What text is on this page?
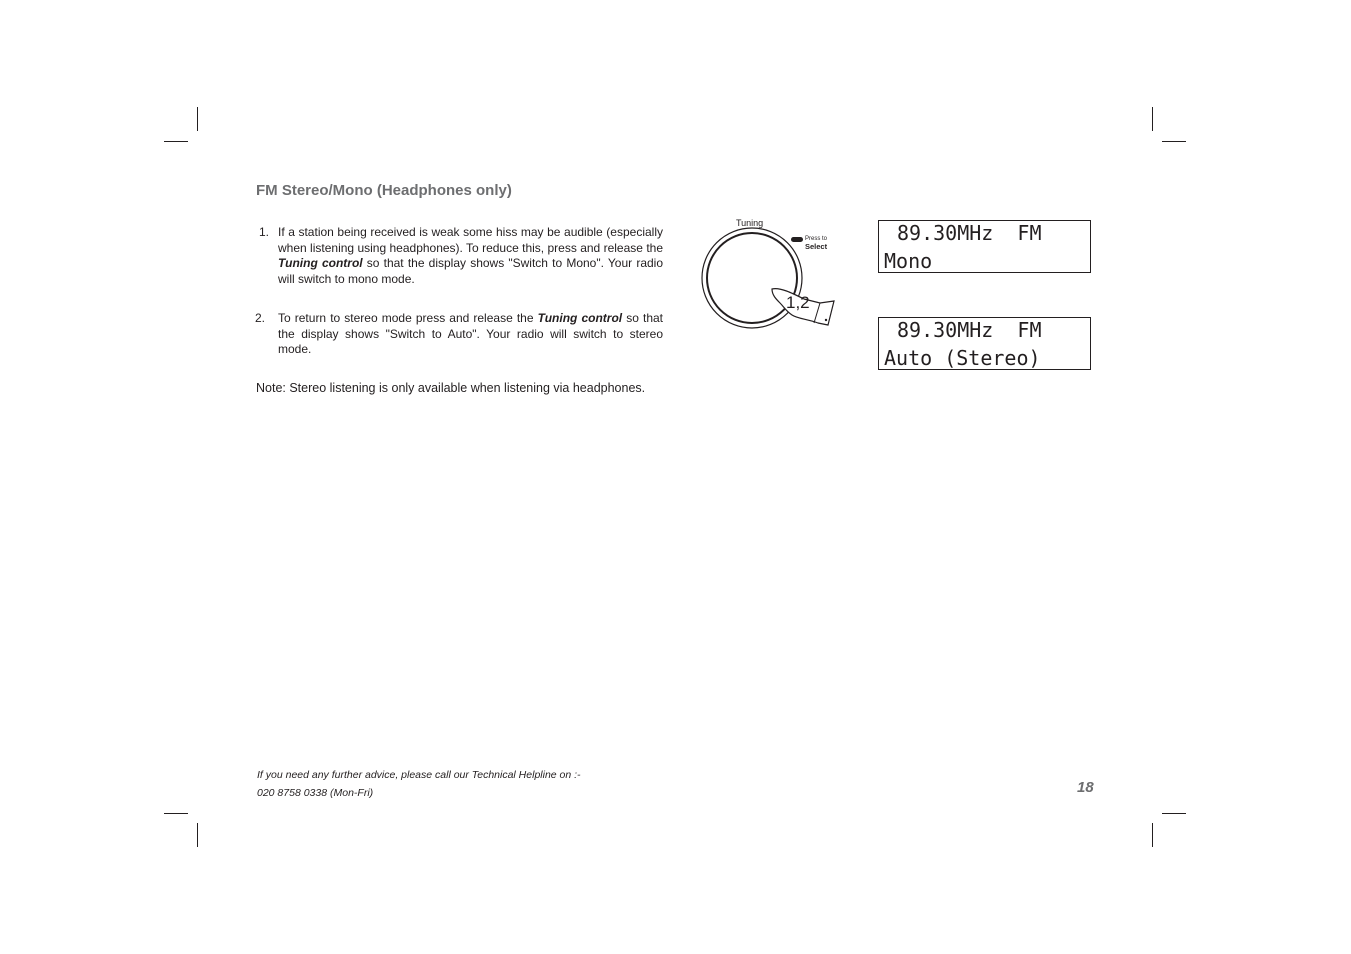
FM Stereo/Mono (Headphones only)
1. If a station being received is weak some hiss may be audible (especially when listening using headphones). To reduce this, press and release the Tuning control so that the display shows "Switch to Mono". Your radio will switch to mono mode.
2. To return to stereo mode press and release the Tuning control so that the display shows "Switch to Auto". Your radio will switch to stereo mode.
Note: Stereo listening is only available when listening via headphones.
Tuning
Press to
Select
1,2
89.30MHz  FM
Mono
89.30MHz  FM
Auto (Stereo)
If you need any further advice, please call our Technical Helpline on :-
020 8758 0338 (Mon-Fri)	18
